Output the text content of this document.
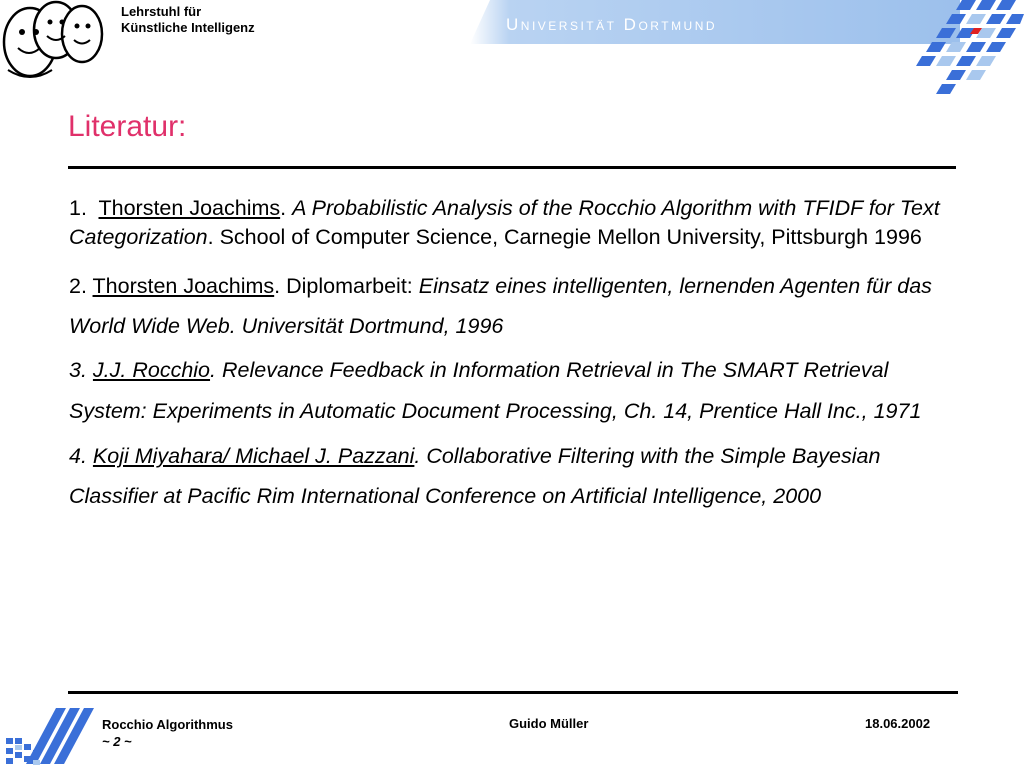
Lehrstuhl für
Künstliche Intelligenz	Universität Dortmund
Literatur:

1. Thorsten Joachims. A Probabilistic Analysis of the Rocchio Algorithm with TFIDF for Text Categorization. School of Computer Science, Carnegie Mellon University, Pittsburgh 1996

2. Thorsten Joachims. Diplomarbeit: Einsatz eines intelligenten, lernenden Agenten für das World Wide Web. Universität Dortmund, 1996

3. J.J. Rocchio. Relevance Feedback in Information Retrieval in The SMART Retrieval System: Experiments in Automatic Document Processing, Ch. 14, Prentice Hall Inc., 1971

4. Koji Miyahara/ Michael J. Pazzani. Collaborative Filtering with the Simple Bayesian Classifier at Pacific Rim International Conference on Artificial Intelligence, 2000

Rocchio Algorithmus
~ 2 ~
Guido Müller	18.06.2002
